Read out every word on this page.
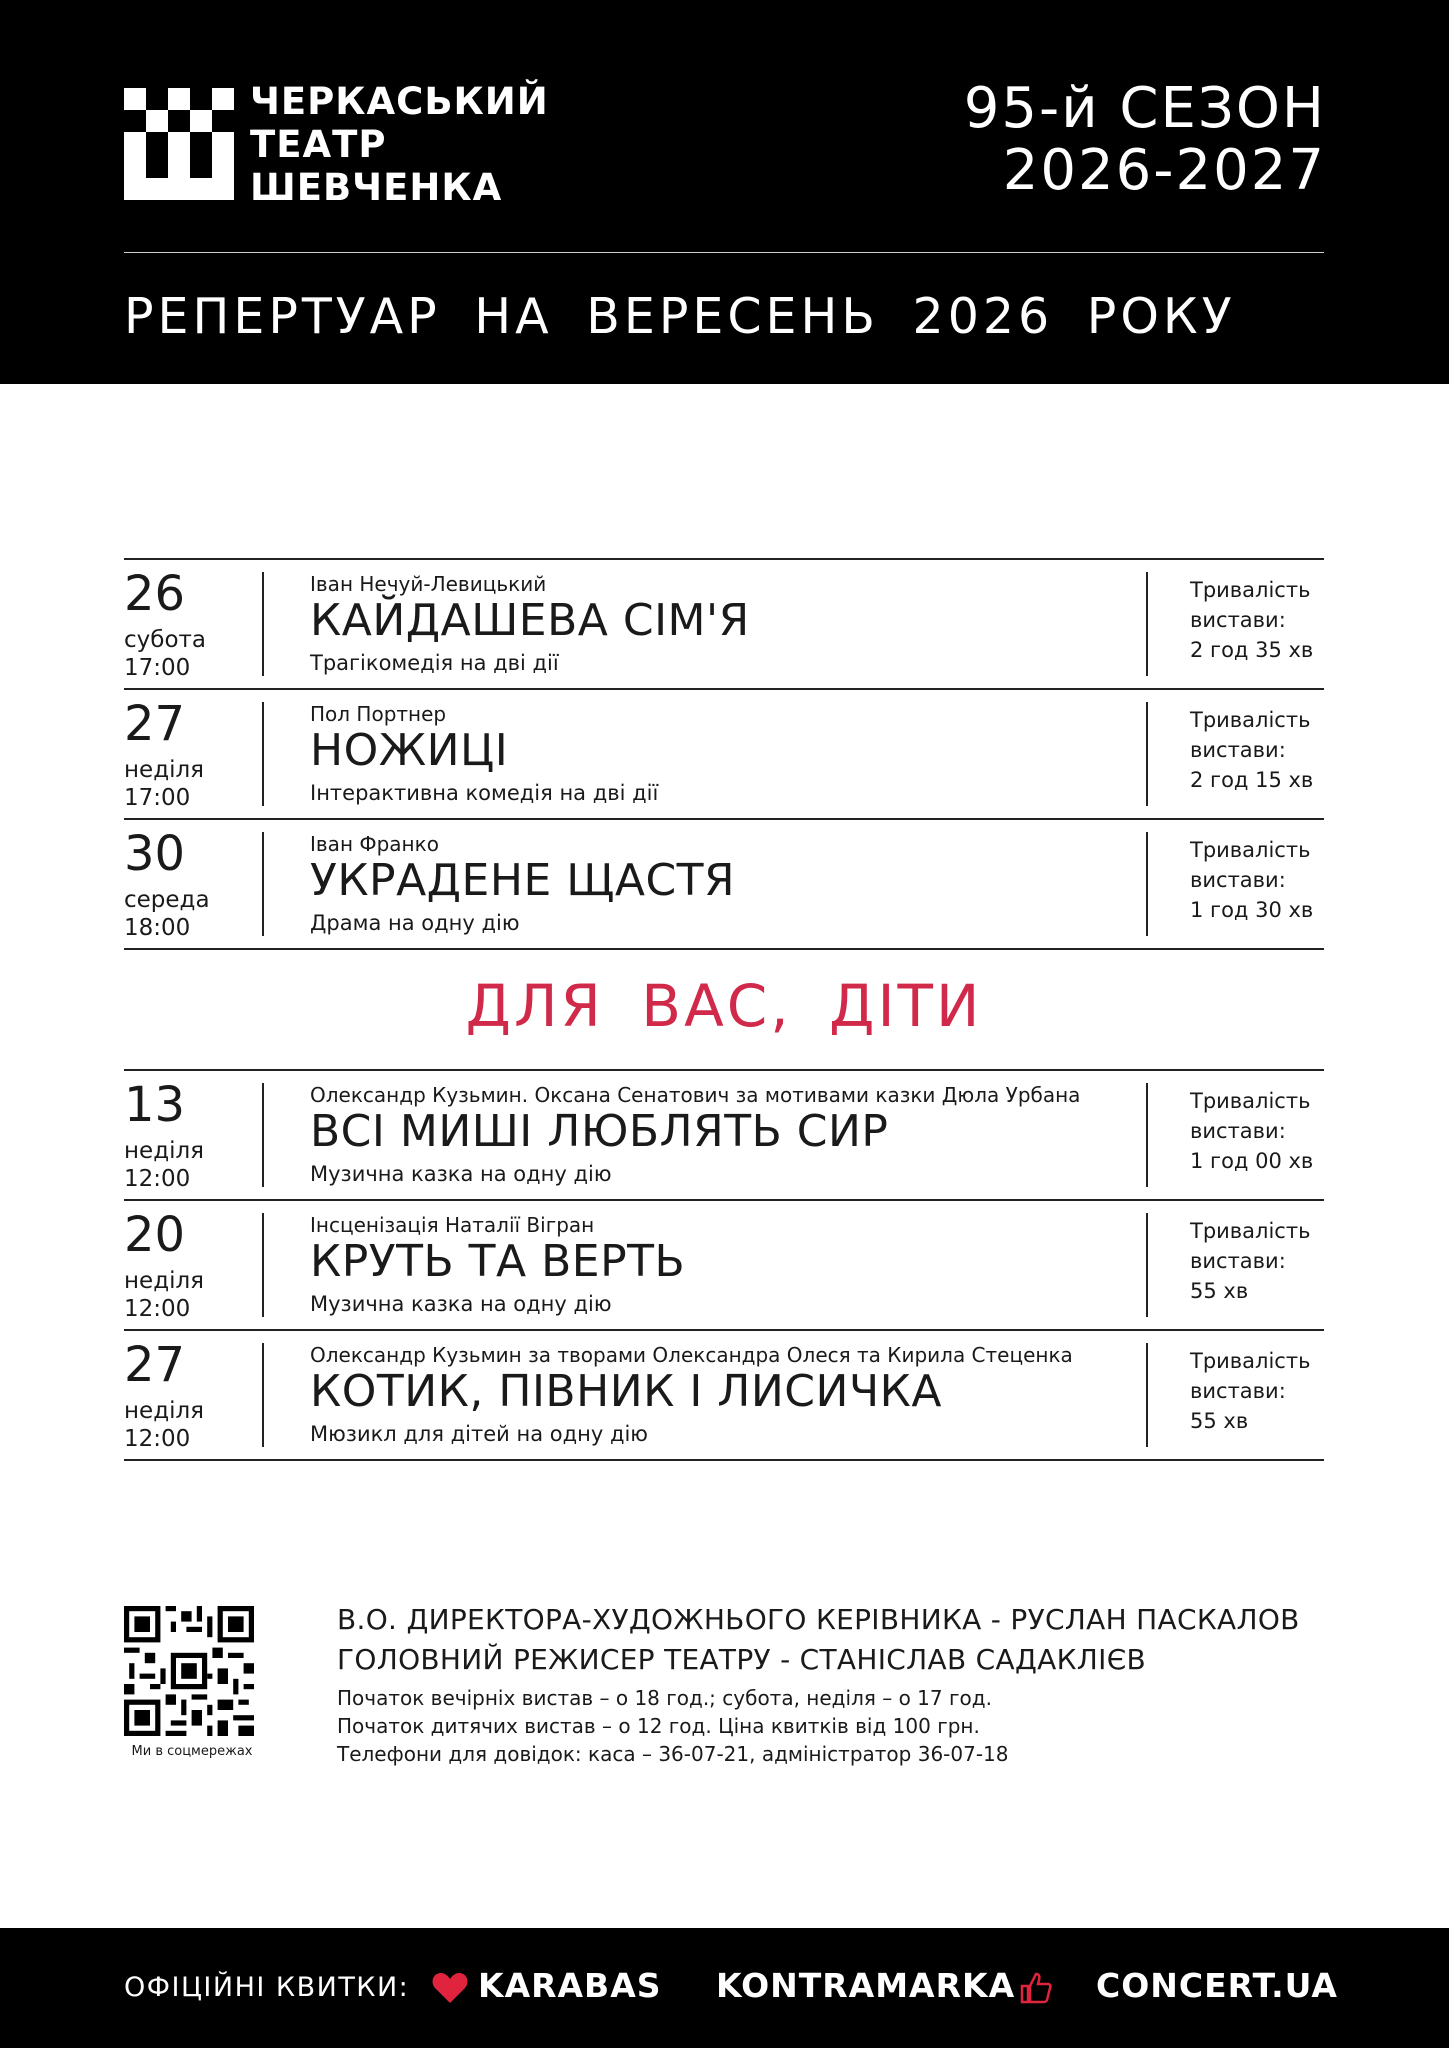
ЧЕРКАСЬКИЙ
ТЕАТР
ШЕВЧЕНКА
95-й СЕЗОН
2026-2027
РЕПЕРТУАР НА ВЕРЕСЕНЬ 2026 РОКУ
26
субота
17:00
Іван Нечуй-Левицький
КАЙДАШЕВА СІМ'Я
Трагікомедія на дві дії
Тривалість
вистави:
2 год 35 хв
27
неділя
17:00
Пол Портнер
НОЖИЦІ
Інтерактивна комедія на дві дії
Тривалість
вистави:
2 год 15 хв
30
середа
18:00
Іван Франко
УКРАДЕНЕ ЩАСТЯ
Драма на одну дію
Тривалість
вистави:
1 год 30 хв
ДЛЯ ВАС, ДІТИ
13
неділя
12:00
Олександр Кузьмин. Оксана Сенатович за мотивами казки Дюла Урбана
ВСІ МИШІ ЛЮБЛЯТЬ СИР
Музична казка на одну дію
Тривалість
вистави:
1 год 00 хв
20
неділя
12:00
Інсценізація Наталії Вігран
КРУТЬ ТА ВЕРТЬ
Музична казка на одну дію
Тривалість
вистави:
55 хв
27
неділя
12:00
Олександр Кузьмин за творами Олександра Олеся та Кирила Стеценка
КОТИК, ПІВНИК І ЛИСИЧКА
Мюзикл для дітей на одну дію
Тривалість
вистави:
55 хв
Ми в соцмережах
В.О. ДИРЕКТОРА-ХУДОЖНЬОГО КЕРІВНИКА - РУСЛАН ПАСКАЛОВ
ГОЛОВНИЙ РЕЖИСЕР ТЕАТРУ - СТАНІСЛАВ САДАКЛІЄВ
Початок вечірніх вистав – о 18 год.; субота, неділя – о 17 год.
Початок дитячих вистав – о 12 год. Ціна квитків від 100 грн.
Телефони для довідок: каса – 36-07-21, адміністратор 36-07-18
ОФІЦІЙНІ КВИТКИ:	KARABAS KONTRAMARKA	CONCERT.UA
